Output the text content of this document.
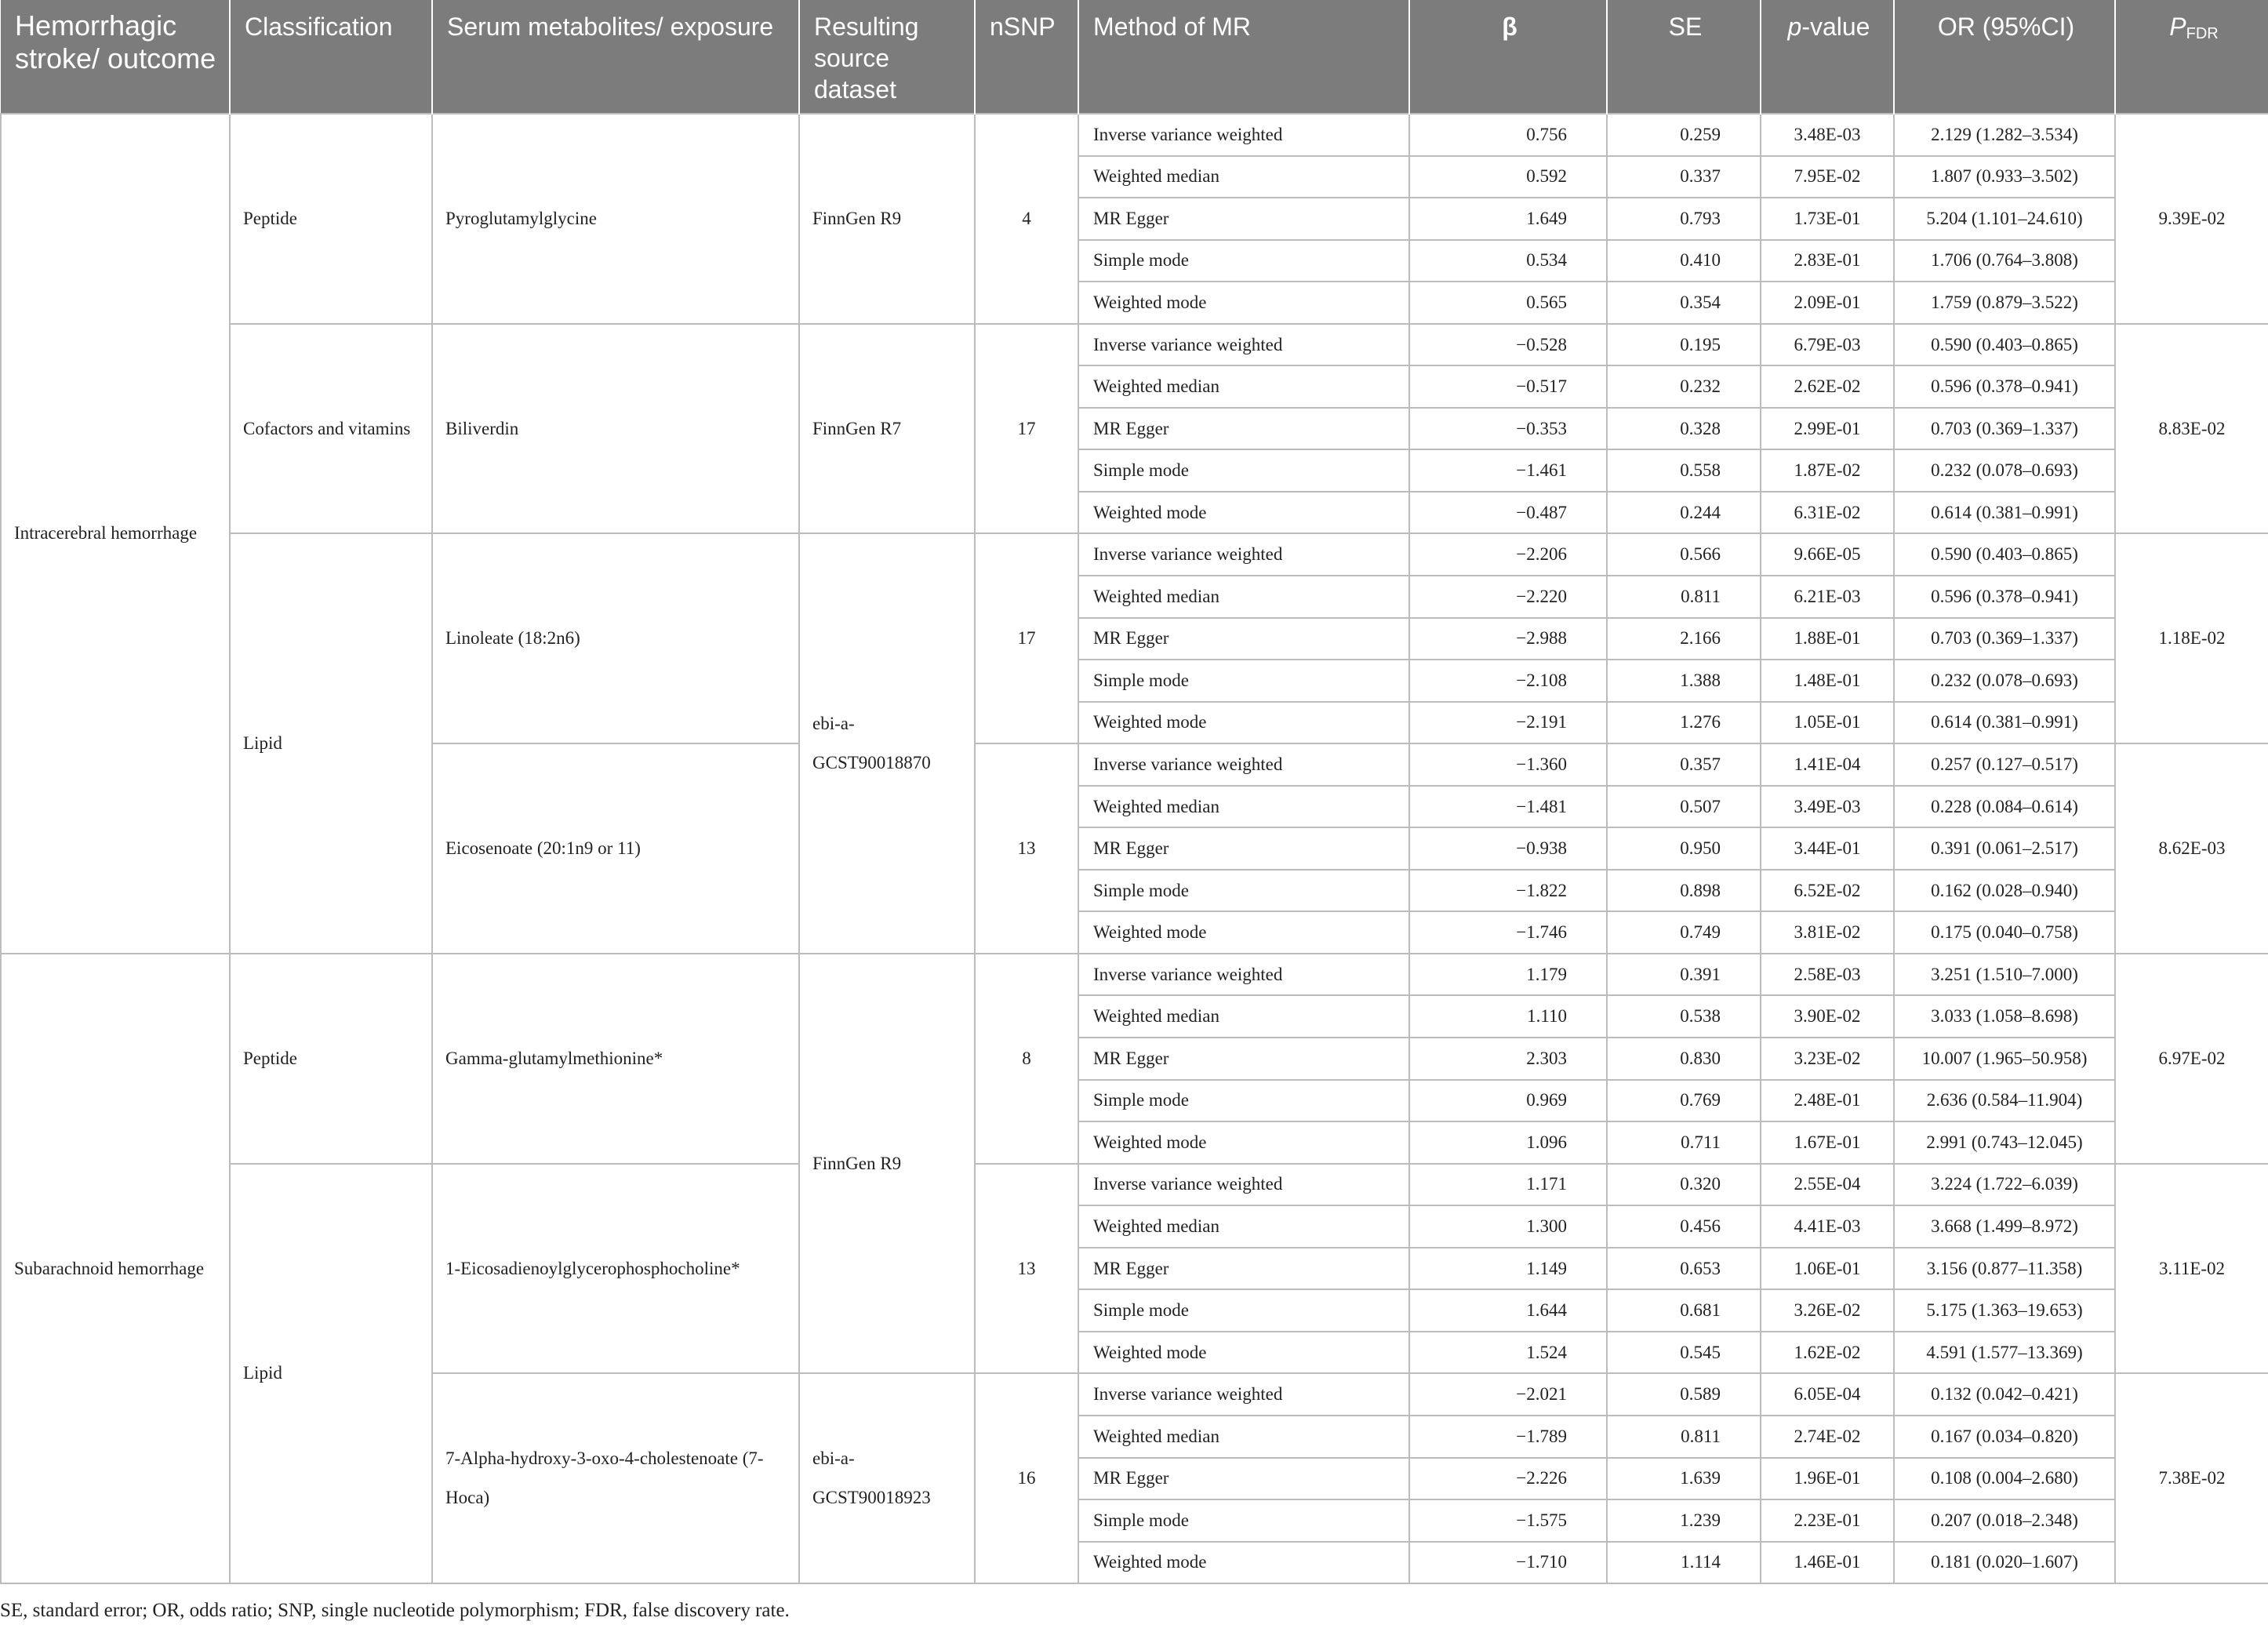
Hemorrhagic stroke/ outcome	Classification	Serum metabolites/ exposure	Resulting source dataset	nSNP	Method of MR	β	SE	p-value	OR (95%CI)	$P_{FDR}$
Intracerebral hemorrhage	Peptide	Pyroglutamylglycine	FinnGen R9	4	Inverse variance weighted	0.756	0.259	3.48E-03	2.129 (1.282–3.534)	9.39E-02
					Weighted median	0.592	0.337	7.95E-02	1.807 (0.933–3.502)	
					MR Egger	1.649	0.793	1.73E-01	5.204 (1.101–24.610)	
					Simple mode	0.534	0.410	2.83E-01	1.706 (0.764–3.808)	
					Weighted mode	0.565	0.354	2.09E-01	1.759 (0.879–3.522)	
	Cofactors and vitamins	Biliverdin	FinnGen R7	17	Inverse variance weighted	−0.528	0.195	6.79E-03	0.590 (0.403–0.865)	8.83E-02
					Weighted median	−0.517	0.232	2.62E-02	0.596 (0.378–0.941)	
					MR Egger	−0.353	0.328	2.99E-01	0.703 (0.369–1.337)	
					Simple mode	−1.461	0.558	1.87E-02	0.232 (0.078–0.693)	
					Weighted mode	−0.487	0.244	6.31E-02	0.614 (0.381–0.991)	
	Lipid	Linoleate (18:2n6)	ebi-a-GCST90018870	17	Inverse variance weighted	−2.206	0.566	9.66E-05	0.590 (0.403–0.865)	1.18E-02
					Weighted median	−2.220	0.811	6.21E-03	0.596 (0.378–0.941)	
					MR Egger	−2.988	2.166	1.88E-01	0.703 (0.369–1.337)	
					Simple mode	−2.108	1.388	1.48E-01	0.232 (0.078–0.693)	
					Weighted mode	−2.191	1.276	1.05E-01	0.614 (0.381–0.991)	
		Eicosenoate (20:1n9 or 11)		13	Inverse variance weighted	−1.360	0.357	1.41E-04	0.257 (0.127–0.517)	8.62E-03
					Weighted median	−1.481	0.507	3.49E-03	0.228 (0.084–0.614)	
					MR Egger	−0.938	0.950	3.44E-01	0.391 (0.061–2.517)	
					Simple mode	−1.822	0.898	6.52E-02	0.162 (0.028–0.940)	
					Weighted mode	−1.746	0.749	3.81E-02	0.175 (0.040–0.758)	
Subarachnoid hemorrhage	Peptide	Gamma-glutamylmethionine*	FinnGen R9	8	Inverse variance weighted	1.179	0.391	2.58E-03	3.251 (1.510–7.000)	6.97E-02
					Weighted median	1.110	0.538	3.90E-02	3.033 (1.058–8.698)	
					MR Egger	2.303	0.830	3.23E-02	10.007 (1.965–50.958)	
					Simple mode	0.969	0.769	2.48E-01	2.636 (0.584–11.904)	
					Weighted mode	1.096	0.711	1.67E-01	2.991 (0.743–12.045)	
	Lipid	1-Eicosadienoylglycerophosphocholine*		13	Inverse variance weighted	1.171	0.320	2.55E-04	3.224 (1.722–6.039)	3.11E-02
					Weighted median	1.300	0.456	4.41E-03	3.668 (1.499–8.972)	
					MR Egger	1.149	0.653	1.06E-01	3.156 (0.877–11.358)	
					Simple mode	1.644	0.681	3.26E-02	5.175 (1.363–19.653)	
					Weighted mode	1.524	0.545	1.62E-02	4.591 (1.577–13.369)	
		7-Alpha-hydroxy-3-oxo-4-cholestenoate (7-Hoca)	ebi-a-GCST90018923	16	Inverse variance weighted	−2.021	0.589	6.05E-04	0.132 (0.042–0.421)	7.38E-02
					Weighted median	−1.789	0.811	2.74E-02	0.167 (0.034–0.820)	
					MR Egger	−2.226	1.639	1.96E-01	0.108 (0.004–2.680)	
					Simple mode	−1.575	1.239	2.23E-01	0.207 (0.018–2.348)	
					Weighted mode	−1.710	1.114	1.46E-01	0.181 (0.020–1.607)	
SE, standard error; OR, odds ratio; SNP, single nucleotide polymorphism; FDR, false discovery rate.
